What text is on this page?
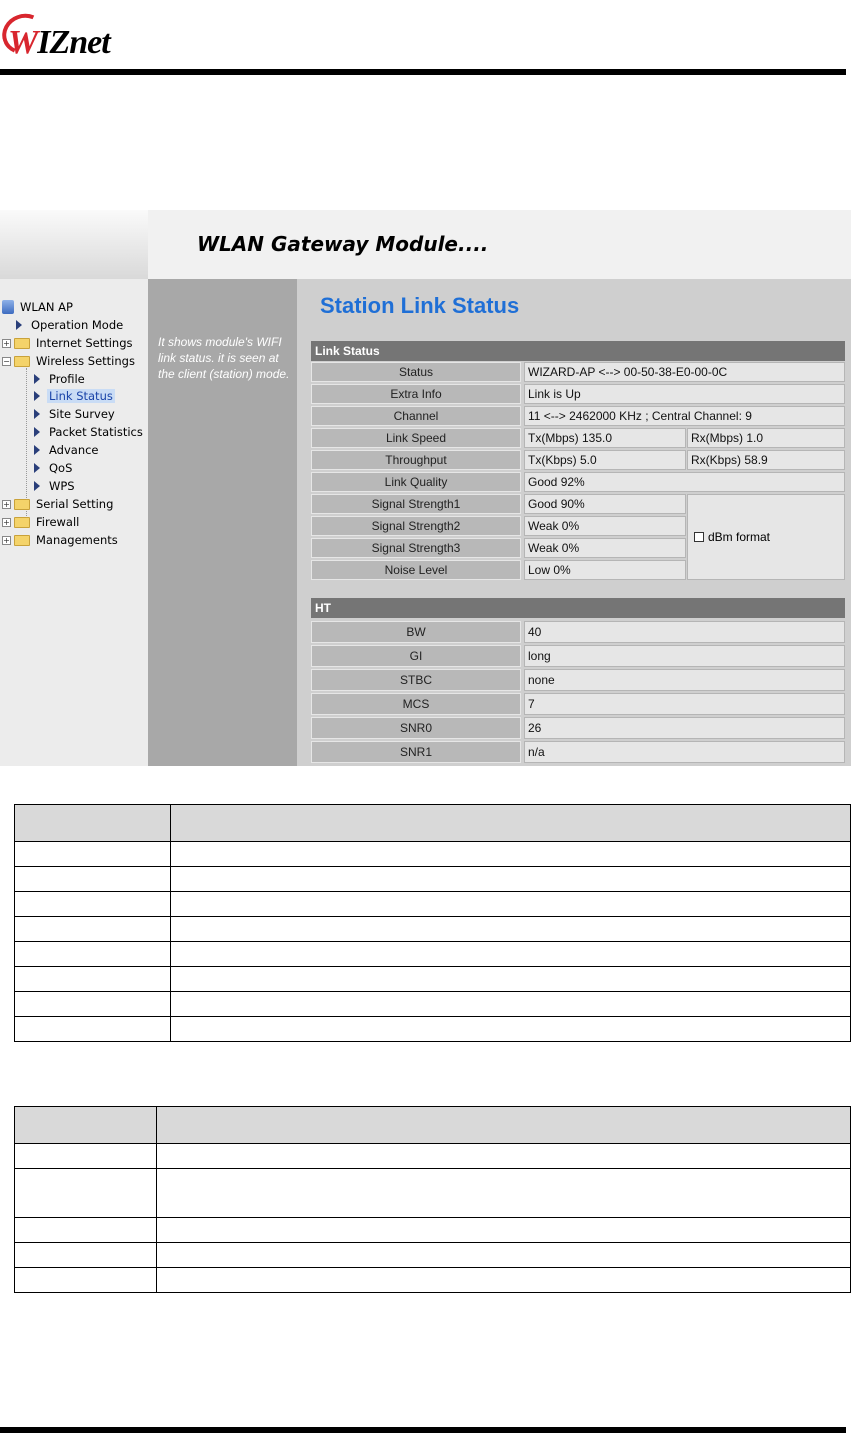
WIZnet
WLAN Gateway Module....
WLAN AP
Operation Mode
+ Internet Settings
− Wireless Settings
Profile
Link Status
Site Survey
Packet Statistics
Advance
QoS
WPS
+ Serial Setting
+ Firewall
+ Managements

It shows module's WIFI link status. it is seen at the client (station) mode.

Station Link Status
Link Status
Status	WIZARD-AP <--> 00-50-38-E0-00-0C
Extra Info	Link is Up
Channel	11 <--> 2462000 KHz ; Central Channel: 9
Link Speed	Tx(Mbps) 135.0	Rx(Mbps) 1.0
Throughput	Tx(Kbps) 5.0	Rx(Kbps) 58.9
Link Quality	Good 92%
Signal Strength1	Good 90%
Signal Strength2	Weak 0%
Signal Strength3	Weak 0%
Noise Level	Low 0%
dBm format
HT
BW	40
GI	long
STBC	none
MCS	7
SNR0	26
SNR1	n/a
